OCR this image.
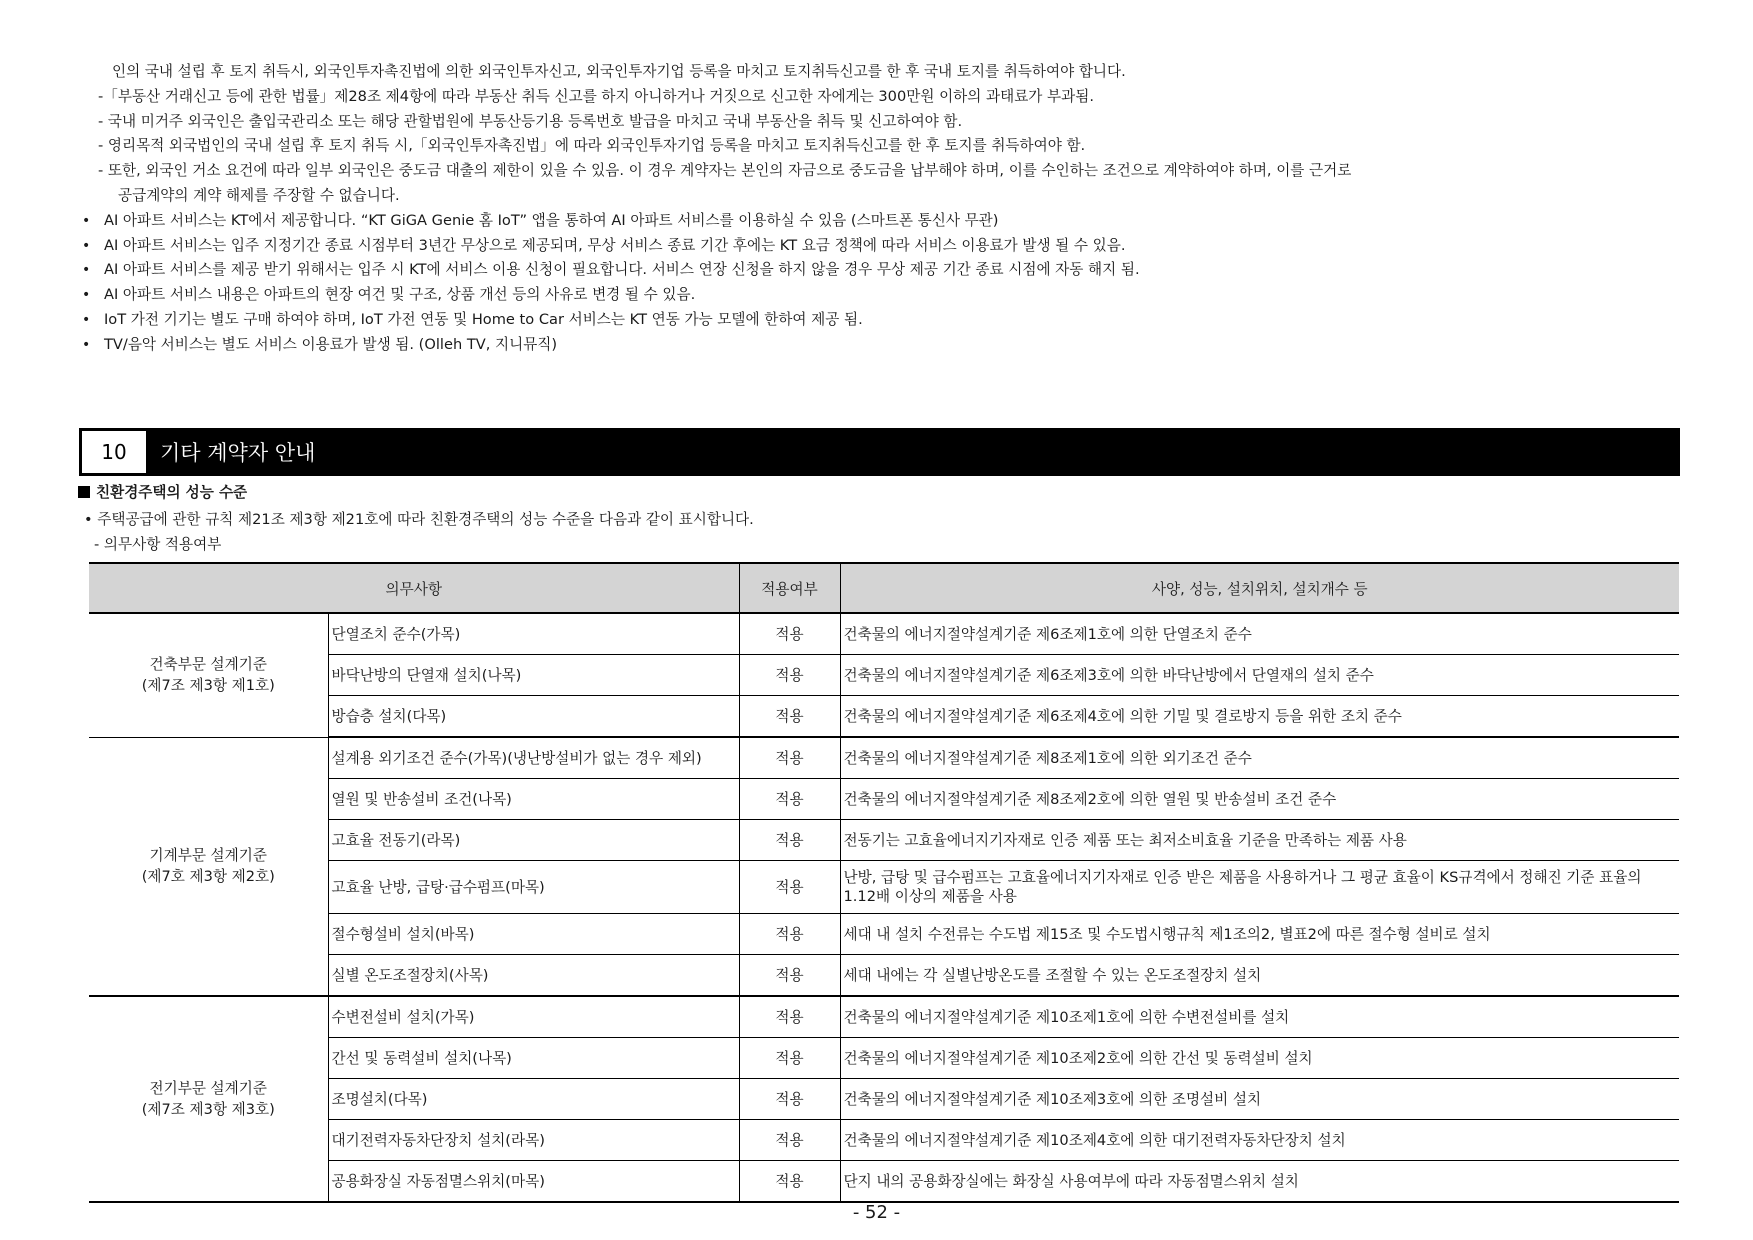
인의 국내 설립 후 토지 취득시, 외국인투자촉진법에 의한 외국인투자신고, 외국인투자기업 등록을 마치고 토지취득신고를 한 후 국내 토지를 취득하여야 합니다.
-「부동산 거래신고 등에 관한 법률」제28조 제4항에 따라 부동산 취득 신고를 하지 아니하거나 거짓으로 신고한 자에게는 300만원 이하의 과태료가 부과됨.
- 국내 미거주 외국인은 출입국관리소 또는 해당 관할법원에 부동산등기용 등록번호 발급을 마치고 국내 부동산을 취득 및 신고하여야 함.
- 영리목적 외국법인의 국내 설립 후 토지 취득 시,「외국인투자촉진법」에 따라 외국인투자기업 등록을 마치고 토지취득신고를 한 후 토지를 취득하여야 함.
- 또한, 외국인 거소 요건에 따라 일부 외국인은 중도금 대출의 제한이 있을 수 있음. 이 경우 계약자는 본인의 자금으로 중도금을 납부해야 하며, 이를 수인하는 조건으로 계약하여야 하며, 이를 근거로
공급계약의 계약 해제를 주장할 수 없습니다.
• AI 아파트 서비스는 KT에서 제공합니다. “KT GiGA Genie 홈 IoT” 앱을 통하여 AI 아파트 서비스를 이용하실 수 있음 (스마트폰 통신사 무관)
• AI 아파트 서비스는 입주 지정기간 종료 시점부터 3년간 무상으로 제공되며, 무상 서비스 종료 기간 후에는 KT 요금 정책에 따라 서비스 이용료가 발생 될 수 있음.
• AI 아파트 서비스를 제공 받기 위해서는 입주 시 KT에 서비스 이용 신청이 필요합니다. 서비스 연장 신청을 하지 않을 경우 무상 제공 기간 종료 시점에 자동 해지 됨.
• AI 아파트 서비스 내용은 아파트의 현장 여건 및 구조, 상품 개선 등의 사유로 변경 될 수 있음.
• IoT 가전 기기는 별도 구매 하여야 하며, IoT 가전 연동 및 Home to Car 서비스는 KT 연동 가능 모델에 한하여 제공 됨.
• TV/음악 서비스는 별도 서비스 이용료가 발생 됨. (Olleh TV, 지니뮤직)
10	기타 계약자 안내
친환경주택의 성능 수준
• 주택공급에 관한 규칙 제21조 제3항 제21호에 따라 친환경주택의 성능 수준을 다음과 같이 표시합니다.
- 의무사항 적용여부
의무사항		적용여부	사양, 성능, 설치위치, 설치개수 등

건축부문 설계기준
(제7조 제3항 제1호)	단열조치 준수(가목)	적용	건축물의 에너지절약설계기준 제6조제1호에 의한 단열조치 준수
	바닥난방의 단열재 설치(나목)	적용	건축물의 에너지절약설계기준 제6조제3호에 의한 바닥난방에서 단열재의 설치 준수
	방습층 설치(다목)	적용	건축물의 에너지절약설계기준 제6조제4호에 의한 기밀 및 결로방지 등을 위한 조치 준수

기계부문 설계기준
(제7호 제3항 제2호)	설계용 외기조건 준수(가목)(냉난방설비가 없는 경우 제외)	적용	건축물의 에너지절약설계기준 제8조제1호에 의한 외기조건 준수
	열원 및 반송설비 조건(나목)	적용	건축물의 에너지절약설계기준 제8조제2호에 의한 열원 및 반송설비 조건 준수
	고효율 전동기(라목)	적용	전동기는 고효율에너지기자재로 인증 제품 또는 최저소비효율 기준을 만족하는 제품 사용
	고효율 난방, 급탕·급수펌프(마목)	적용	난방, 급탕 및 급수펌프는 고효율에너지기자재로 인증 받은 제품을 사용하거나 그 평균 효율이 KS규격에서 정해진 기준 표율의 1.12배 이상의 제품을 사용
	절수형설비 설치(바목)	적용	세대 내 설치 수전류는 수도법 제15조 및 수도법시행규칙 제1조의2, 별표2에 따른 절수형 설비로 설치
	실별 온도조절장치(사목)	적용	세대 내에는 각 실별난방온도를 조절할 수 있는 온도조절장치 설치

전기부문 설계기준
(제7조 제3항 제3호)	수변전설비 설치(가목)	적용	건축물의 에너지절약설계기준 제10조제1호에 의한 수변전설비를 설치
	간선 및 동력설비 설치(나목)	적용	건축물의 에너지절약설계기준 제10조제2호에 의한 간선 및 동력설비 설치
	조명설치(다목)	적용	건축물의 에너지절약설계기준 제10조제3호에 의한 조명설비 설치
	대기전력자동차단장치 설치(라목)	적용	건축물의 에너지절약설계기준 제10조제4호에 의한 대기전력자동차단장치 설치
	공용화장실 자동점멸스위치(마목)	적용	단지 내의 공용화장실에는 화장실 사용여부에 따라 자동점멸스위치 설치
- 52 -
